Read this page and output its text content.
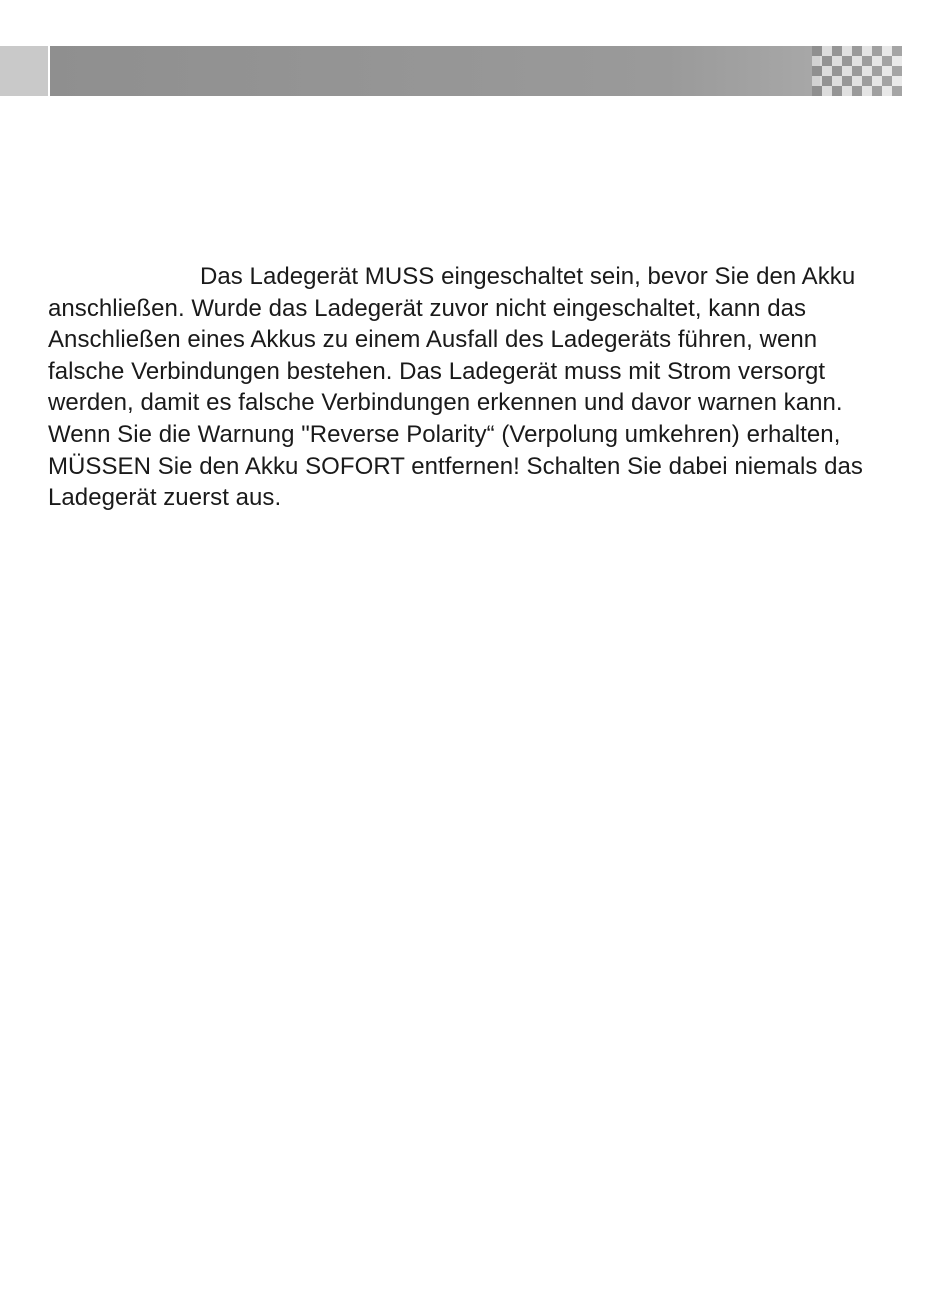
Das Ladegerät MUSS eingeschaltet sein, bevor Sie den Akku anschließen. Wurde das Ladegerät zuvor nicht eingeschaltet, kann das Anschließen eines Akkus zu einem Ausfall des Ladegeräts führen, wenn falsche Verbindungen bestehen. Das Ladegerät muss mit Strom versorgt werden, damit es falsche Verbindungen erkennen und davor warnen kann. Wenn Sie die Warnung "Reverse Polarity“ (Verpolung umkehren) erhalten, MÜSSEN Sie den Akku SOFORT entfernen! Schalten Sie dabei niemals das Ladegerät zuerst aus.
